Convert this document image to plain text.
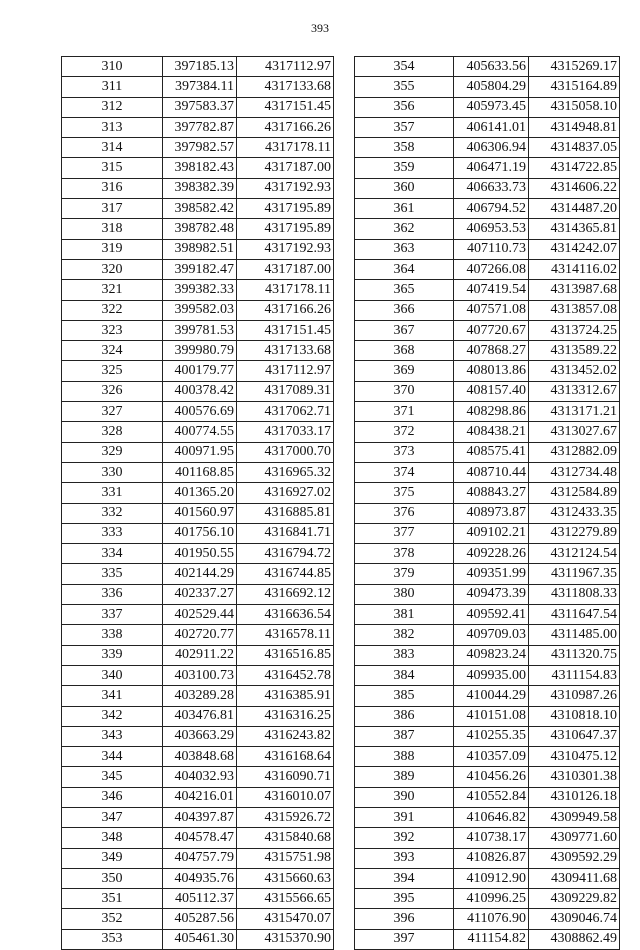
393
310	397185.13	4317112.97
311	397384.11	4317133.68
312	397583.37	4317151.45
313	397782.87	4317166.26
314	397982.57	4317178.11
315	398182.43	4317187.00
316	398382.39	4317192.93
317	398582.42	4317195.89
318	398782.48	4317195.89
319	398982.51	4317192.93
320	399182.47	4317187.00
321	399382.33	4317178.11
322	399582.03	4317166.26
323	399781.53	4317151.45
324	399980.79	4317133.68
325	400179.77	4317112.97
326	400378.42	4317089.31
327	400576.69	4317062.71
328	400774.55	4317033.17
329	400971.95	4317000.70
330	401168.85	4316965.32
331	401365.20	4316927.02
332	401560.97	4316885.81
333	401756.10	4316841.71
334	401950.55	4316794.72
335	402144.29	4316744.85
336	402337.27	4316692.12
337	402529.44	4316636.54
338	402720.77	4316578.11
339	402911.22	4316516.85
340	403100.73	4316452.78
341	403289.28	4316385.91
342	403476.81	4316316.25
343	403663.29	4316243.82
344	403848.68	4316168.64
345	404032.93	4316090.71
346	404216.01	4316010.07
347	404397.87	4315926.72
348	404578.47	4315840.68
349	404757.79	4315751.98
350	404935.76	4315660.63
351	405112.37	4315566.65
352	405287.56	4315470.07
353	405461.30	4315370.90
354	405633.56	4315269.17
355	405804.29	4315164.89
356	405973.45	4315058.10
357	406141.01	4314948.81
358	406306.94	4314837.05
359	406471.19	4314722.85
360	406633.73	4314606.22
361	406794.52	4314487.20
362	406953.53	4314365.81
363	407110.73	4314242.07
364	407266.08	4314116.02
365	407419.54	4313987.68
366	407571.08	4313857.08
367	407720.67	4313724.25
368	407868.27	4313589.22
369	408013.86	4313452.02
370	408157.40	4313312.67
371	408298.86	4313171.21
372	408438.21	4313027.67
373	408575.41	4312882.09
374	408710.44	4312734.48
375	408843.27	4312584.89
376	408973.87	4312433.35
377	409102.21	4312279.89
378	409228.26	4312124.54
379	409351.99	4311967.35
380	409473.39	4311808.33
381	409592.41	4311647.54
382	409709.03	4311485.00
383	409823.24	4311320.75
384	409935.00	4311154.83
385	410044.29	4310987.26
386	410151.08	4310818.10
387	410255.35	4310647.37
388	410357.09	4310475.12
389	410456.26	4310301.38
390	410552.84	4310126.18
391	410646.82	4309949.58
392	410738.17	4309771.60
393	410826.87	4309592.29
394	410912.90	4309411.68
395	410996.25	4309229.82
396	411076.90	4309046.74
397	411154.82	4308862.49
